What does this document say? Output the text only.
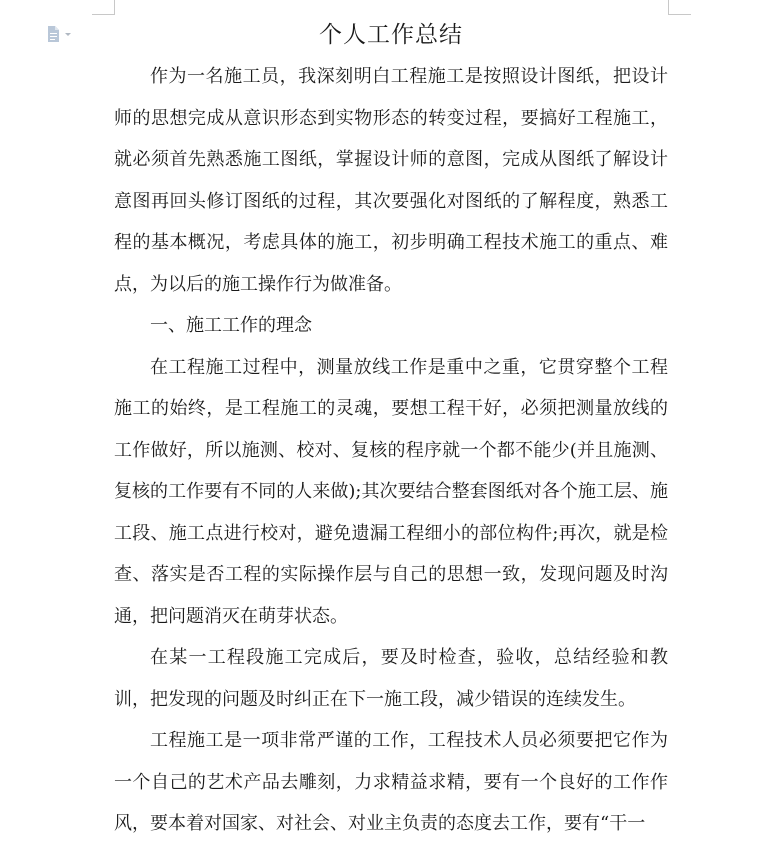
个人工作总结

作为一名施工员，我深刻明白工程施工是按照设计图纸，把设计师的思想完成从意识形态到实物形态的转变过程，要搞好工程施工，就必须首先熟悉施工图纸，掌握设计师的意图，完成从图纸了解设计意图再回头修订图纸的过程，其次要强化对图纸的了解程度，熟悉工程的基本概况，考虑具体的施工，初步明确工程技术施工的重点、难点，为以后的施工操作行为做准备。

一、施工工作的理念

在工程施工过程中，测量放线工作是重中之重，它贯穿整个工程施工的始终，是工程施工的灵魂，要想工程干好，必须把测量放线的工作做好，所以施测、校对、复核的程序就一个都不能少(并且施测、复核的工作要有不同的人来做);其次要结合整套图纸对各个施工层、施工段、施工点进行校对，避免遗漏工程细小的部位构件;再次，就是检查、落实是否工程的实际操作层与自己的思想一致，发现问题及时沟通，把问题消灭在萌芽状态。

在某一工程段施工完成后，要及时检查，验收，总结经验和教训，把发现的问题及时纠正在下一施工段，减少错误的连续发生。

工程施工是一项非常严谨的工作，工程技术人员必须要把它作为一个自己的艺术产品去雕刻，力求精益求精，要有一个良好的工作作风，要本着对国家、对社会、对业主负责的态度去工作，要有“干一
